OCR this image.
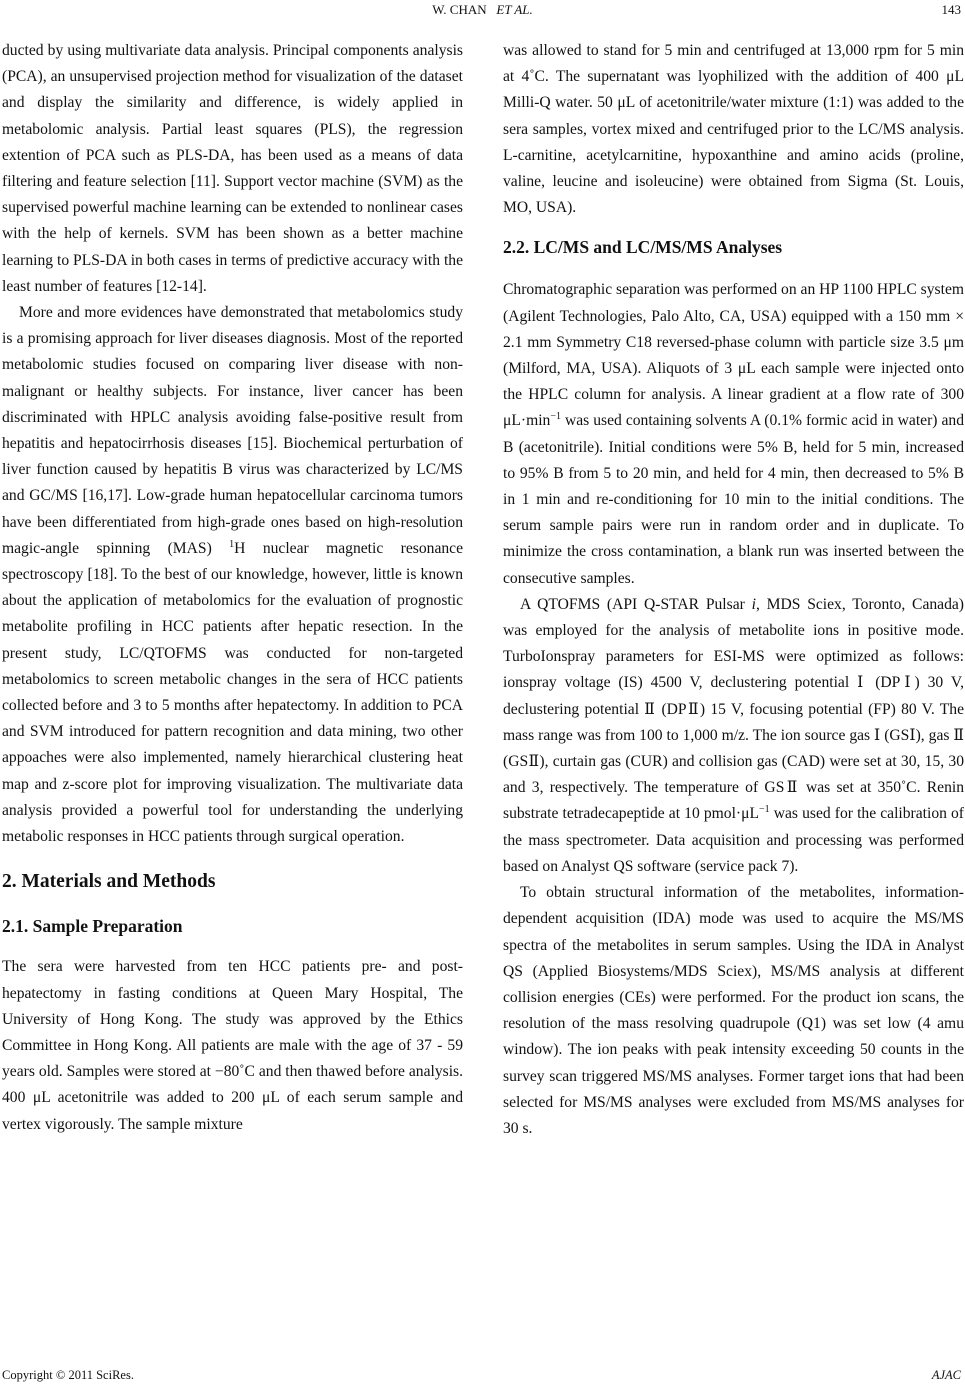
W. CHAN ET AL.	143

ducted by using multivariate data analysis. Principal components analysis (PCA), an unsupervised projection method for visualization of the dataset and display the similarity and difference, is widely applied in metabolomic analysis. Partial least squares (PLS), the regression extention of PCA such as PLS-DA, has been used as a means of data filtering and feature selection [11]. Support vector machine (SVM) as the supervised powerful machine learning can be extended to nonlinear cases with the help of kernels. SVM has been shown as a better machine learning to PLS-DA in both cases in terms of predictive accuracy with the least number of features [12-14].

More and more evidences have demonstrated that metabolomics study is a promising approach for liver diseases diagnosis. Most of the reported metabolomic studies focused on comparing liver disease with non-malignant or healthy subjects. For instance, liver cancer has been discriminated with HPLC analysis avoiding false-positive result from hepatitis and hepatocirrhosis diseases [15]. Biochemical perturbation of liver function caused by hepatitis B virus was characterized by LC/MS and GC/MS [16,17]. Low-grade human hepatocellular carcinoma tumors have been differentiated from high-grade ones based on high-resolution magic-angle spinning (MAS) $^1$H nuclear magnetic resonance spectroscopy [18]. To the best of our knowledge, however, little is known about the application of metabolomics for the evaluation of prognostic metabolite profiling in HCC patients after hepatic resection. In the present study, LC/QTOFMS was conducted for non-targeted metabolomics to screen metabolic changes in the sera of HCC patients collected before and 3 to 5 months after hepatectomy. In addition to PCA and SVM introduced for pattern recognition and data mining, two other appoaches were also implemented, namely hierarchical clustering heat map and z-score plot for improving visualization. The multivariate data analysis provided a powerful tool for understanding the underlying metabolic responses in HCC patients through surgical operation.

2. Materials and Methods
2.1. Sample Preparation

The sera were harvested from ten HCC patients pre- and post-hepatectomy in fasting conditions at Queen Mary Hospital, The University of Hong Kong. The study was approved by the Ethics Committee in Hong Kong. All patients are male with the age of 37 - 59 years old. Samples were stored at −80˚C and then thawed before analysis. 400 μL acetonitrile was added to 200 μL of each serum sample and vertex vigorously. The sample mixture

was allowed to stand for 5 min and centrifuged at 13,000 rpm for 5 min at 4˚C. The supernatant was lyophilized with the addition of 400 μL Milli-Q water. 50 μL of acetonitrile/water mixture (1:1) was added to the sera samples, vortex mixed and centrifuged prior to the LC/MS analysis. L-carnitine, acetylcarnitine, hypoxanthine and amino acids (proline, valine, leucine and isoleucine) were obtained from Sigma (St. Louis, MO, USA).

2.2. LC/MS and LC/MS/MS Analyses

Chromatographic separation was performed on an HP 1100 HPLC system (Agilent Technologies, Palo Alto, CA, USA) equipped with a 150 mm × 2.1 mm Symmetry C18 reversed-phase column with particle size 3.5 μm (Milford, MA, USA). Aliquots of 3 μL each sample were injected onto the HPLC column for analysis. A linear gradient at a flow rate of 300 $\mu L\cdot\min^{-1}$ was used containing solvents A (0.1% formic acid in water) and B (acetonitrile). Initial conditions were 5% B, held for 5 min, increased to 95% B from 5 to 20 min, and held for 4 min, then decreased to 5% B in 1 min and re-conditioning for 10 min to the initial conditions. The serum sample pairs were run in random order and in duplicate. To minimize the cross contamination, a blank run was inserted between the consecutive samples.

A QTOFMS (API Q-STAR Pulsar i, MDS Sciex, Toronto, Canada) was employed for the analysis of metabolite ions in positive mode. TurboIonspray parameters for ESI-MS were optimized as follows: ionspray voltage (IS) 4500 V, declustering potential Ⅰ (DPⅠ) 30 V, declustering potential Ⅱ (DPⅡ) 15 V, focusing potential (FP) 80 V. The mass range was from 100 to 1,000 m/z. The ion source gas Ⅰ (GSⅠ), gas Ⅱ (GSⅡ), curtain gas (CUR) and collision gas (CAD) were set at 30, 15, 30 and 3, respectively. The temperature of GSⅡ was set at 350˚C. Renin substrate tetradecapeptide at 10 $pmol\cdot\mu L^{-1}$ was used for the calibration of the mass spectrometer. Data acquisition and processing was performed based on Analyst QS software (service pack 7).

To obtain structural information of the metabolites, information-dependent acquisition (IDA) mode was used to acquire the MS/MS spectra of the metabolites in serum samples. Using the IDA in Analyst QS (Applied Biosystems/MDS Sciex), MS/MS analysis at different collision energies (CEs) were performed. For the product ion scans, the resolution of the mass resolving quadrupole (Q1) was set low (4 amu window). The ion peaks with peak intensity exceeding 50 counts in the survey scan triggered MS/MS analyses. Former target ions that had been selected for MS/MS analyses were excluded from MS/MS analyses for 30 s.

Copyright © 2011 SciRes.	AJAC
